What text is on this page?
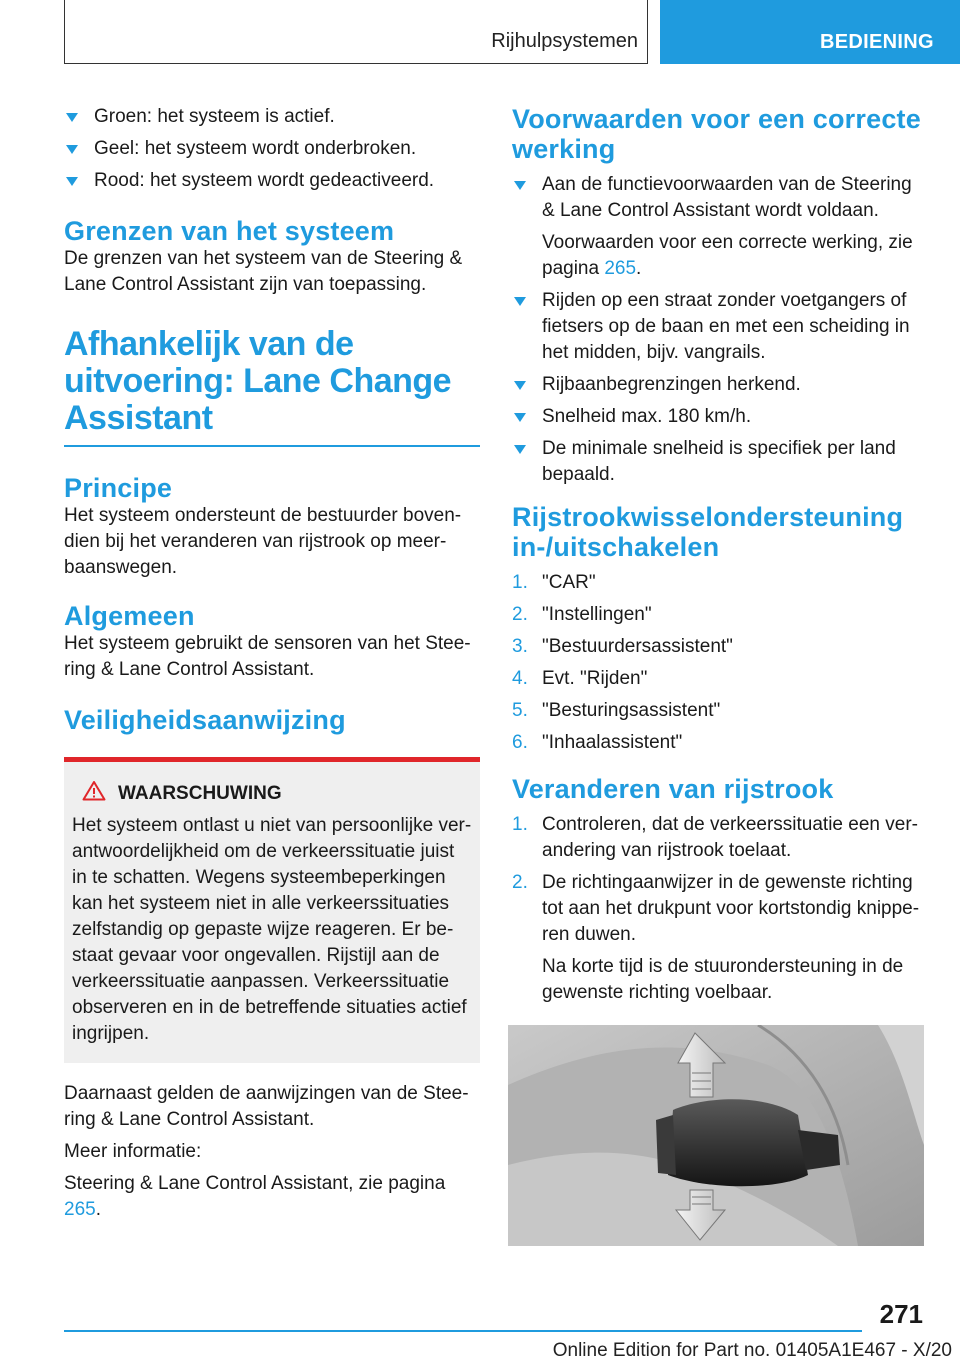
Rijhulpsystemen	BEDIENING
Groen: het systeem is actief.
Geel: het systeem wordt onderbroken.
Rood: het systeem wordt gedeactiveerd.
Grenzen van het systeem

De grenzen van het systeem van de Steering & Lane Control Assistant zijn van toepassing.

Afhankelijk van de uitvoering: Lane Change Assistant
Principe

Het systeem ondersteunt de bestuurder bovendien bij het veranderen van rijstrook op meerbaanswegen.

Algemeen

Het systeem gebruikt de sensoren van het Steering & Lane Control Assistant.

Veiligheidsaanwijzing
WAARSCHUWING

Het systeem ontlast u niet van persoonlijke verantwoordelijkheid om de verkeerssituatie juist in te schatten. Wegens systeembeperkingen kan het systeem niet in alle verkeerssituaties zelfstandig op gepaste wijze reageren. Er bestaat gevaar voor ongevallen. Rijstijl aan de verkeerssituatie aanpassen. Verkeerssituatie observeren en in de betreffende situaties actief ingrijpen.

Daarnaast gelden de aanwijzingen van de Steering & Lane Control Assistant.

Meer informatie:

Steering & Lane Control Assistant, zie pagina 265.

Voorwaarden voor een correcte werking

Aan de functievoorwaarden van de Steering & Lane Control Assistant wordt voldaan.

Voorwaarden voor een correcte werking, zie pagina 265.

Rijden op een straat zonder voetgangers of fietsers op de baan en met een scheiding in het midden, bijv. vangrails.

Rijbaanbegrenzingen herkend.

Snelheid max. 180 km/h.

De minimale snelheid is specifiek per land bepaald.

Rijstrookwisselondersteuning in-/uitschakelen
1. "CAR"
2. "Instellingen"
3. "Bestuurdersassistent"
4. Evt. "Rijden"
5. "Besturingsassistent"
6. "Inhaalassistent"
Veranderen van rijstrook
1. Controleren, dat de verkeerssituatie een verandering van rijstrook toelaat.

2. De richtingaanwijzer in de gewenste richting tot aan het drukpunt voor kortstondig knipperen duwen.

Na korte tijd is de stuurondersteuning in de gewenste richting voelbaar.

271
Online Edition for Part no. 01405A1E467 - X/20
